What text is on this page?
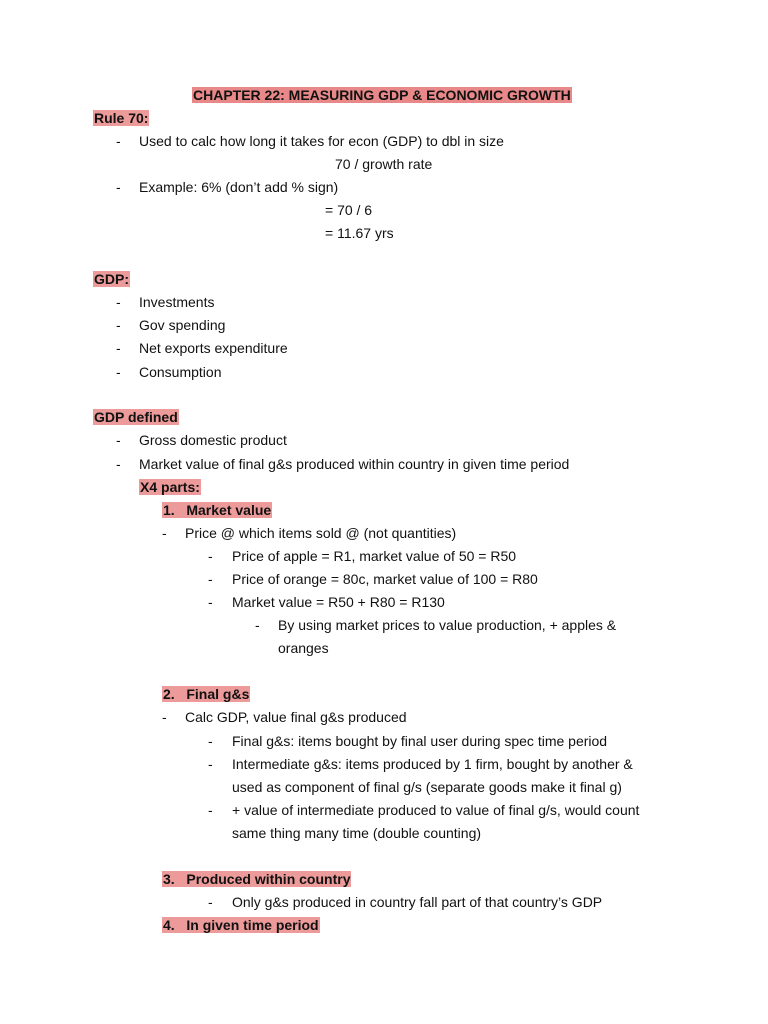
CHAPTER 22: MEASURING GDP & ECONOMIC GROWTH
Rule 70:
- Used to calc how long it takes for econ (GDP) to dbl in size
70 / growth rate
- Example: 6% (don’t add % sign)
= 70 / 6
= 11.67 yrs
GDP:
- Investments
- Gov spending
- Net exports expenditure
- Consumption
GDP defined
- Gross domestic product
- Market value of final g&s produced within country in given time period
X4 parts:
1. Market value
- Price @ which items sold @ (not quantities)
- Price of apple = R1, market value of 50 = R50
- Price of orange = 80c, market value of 100 = R80
- Market value = R50 + R80 = R130
- By using market prices to value production, + apples &
oranges
2. Final g&s
- Calc GDP, value final g&s produced
- Final g&s: items bought by final user during spec time period
- Intermediate g&s: items produced by 1 firm, bought by another &
used as component of final g/s (separate goods make it final g)
- + value of intermediate produced to value of final g/s, would count
same thing many time (double counting)
3. Produced within country
- Only g&s produced in country fall part of that country’s GDP
4. In given time period
